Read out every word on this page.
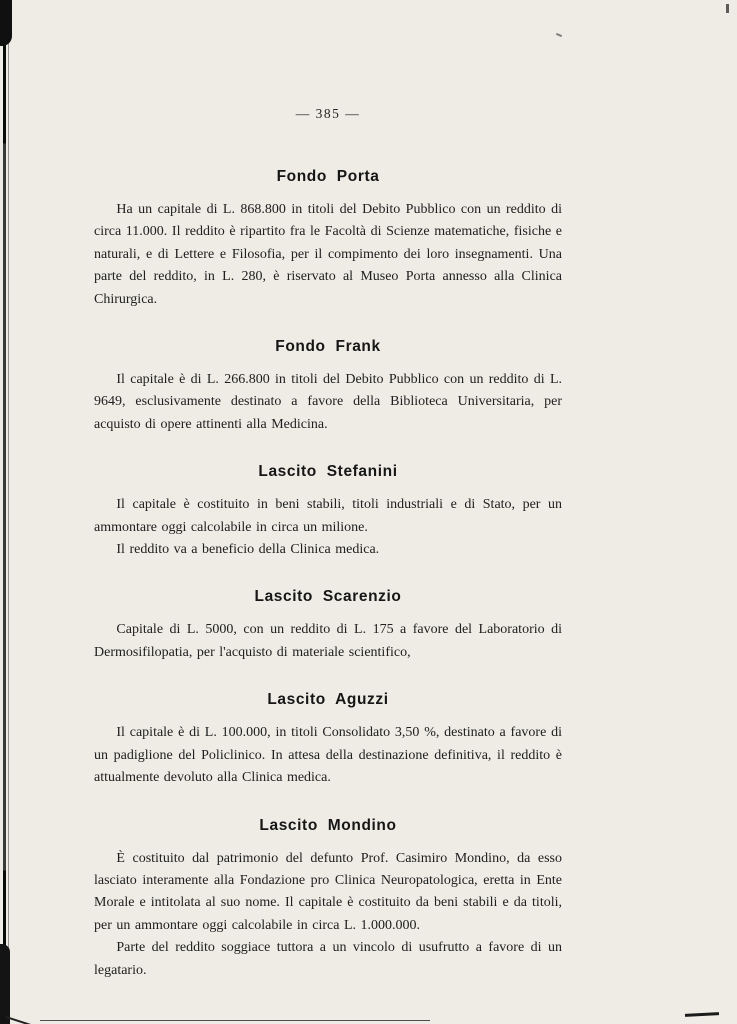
— 385 —
Fondo Porta

Ha un capitale di L. 868.800 in titoli del Debito Pubblico con un reddito di circa 11.000. Il reddito è ripartito fra le Facoltà di Scienze matematiche, fisiche e naturali, e di Lettere e Filosofia, per il compimento dei loro insegnamenti. Una parte del reddito, in L. 280, è riservato al Museo Porta annesso alla Clinica Chirurgica.

Fondo Frank

Il capitale è di L. 266.800 in titoli del Debito Pubblico con un reddito di L. 9649, esclusivamente destinato a favore della Biblioteca Universitaria, per acquisto di opere attinenti alla Medicina.

Lascito Stefanini

Il capitale è costituito in beni stabili, titoli industriali e di Stato, per un ammontare oggi calcolabile in circa un milione.

Il reddito va a beneficio della Clinica medica.

Lascito Scarenzio

Capitale di L. 5000, con un reddito di L. 175 a favore del Laboratorio di Dermosifilopatia, per l'acquisto di materiale scientifico,

Lascito Aguzzi

Il capitale è di L. 100.000, in titoli Consolidato 3,50 %, destinato a favore di un padiglione del Policlinico. In attesa della destinazione definitiva, il reddito è attualmente devoluto alla Clinica medica.

Lascito Mondino

È costituito dal patrimonio del defunto Prof. Casimiro Mondino, da esso lasciato interamente alla Fondazione pro Clinica Neuropatologica, eretta in Ente Morale e intitolata al suo nome. Il capitale è costituito da beni stabili e da titoli, per un ammontare oggi calcolabile in circa L. 1.000.000.

Parte del reddito soggiace tuttora a un vincolo di usufrutto a favore di un legatario.
